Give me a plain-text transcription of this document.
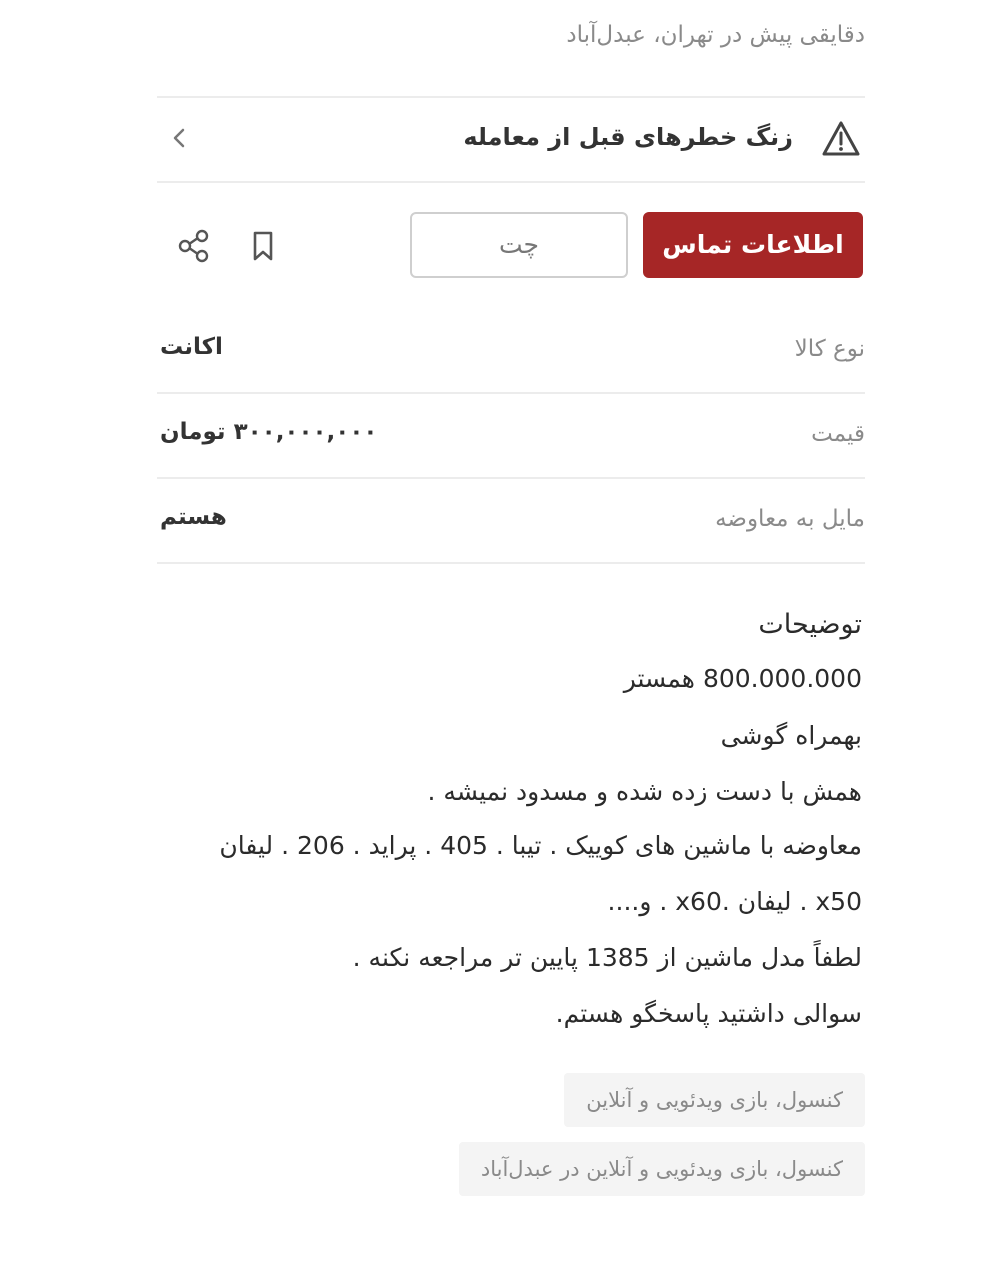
دقایقی پیش در تهران، عبدل‌آباد
زنگ خطرهای قبل از معامله
اطلاعات تماس
چت
نوع کالا
اکانت
قیمت
۳۰۰,۰۰۰,۰۰۰ تومان
مایل به معاوضه
هستم
توضیحات
800.000.000 همستر
بهمراه گوشی
همش با دست زده شده و مسدود نمیشه .
معاوضه با ماشین های کوییک . تیبا . 405 . پراید . 206 . لیفان
x50 . لیفان .x60 . و....
لطفاً مدل ماشین از 1385 پایین تر مراجعه نکنه .
سوالی داشتید پاسخگو هستم.
کنسول، بازی ویدئویی و آنلاین
کنسول، بازی ویدئویی و آنلاین در عبدل‌آباد
